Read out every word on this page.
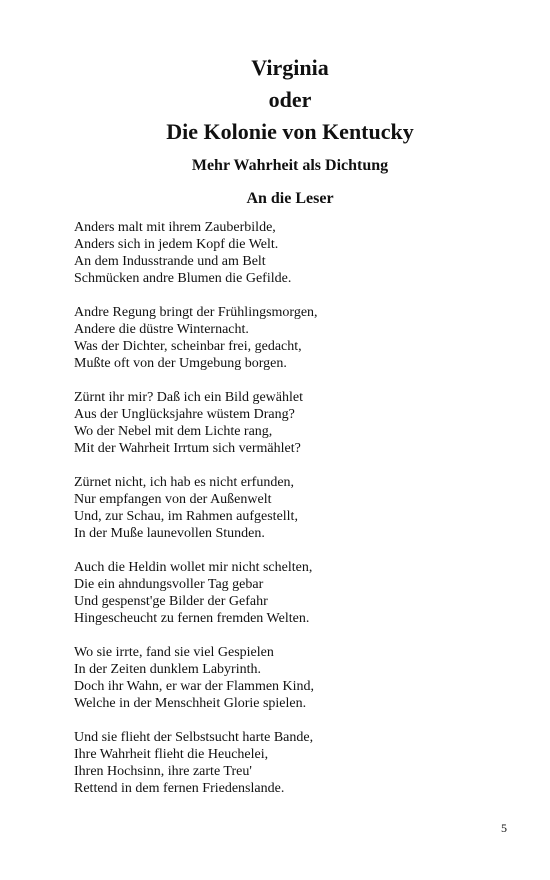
Virginia
oder
Die Kolonie von Kentucky
Mehr Wahrheit als Dichtung
An die Leser
Anders malt mit ihrem Zauberbilde,
Anders sich in jedem Kopf die Welt.
An dem Indusstrande und am Belt
Schmücken andre Blumen die Gefilde.
Andre Regung bringt der Frühlingsmorgen,
Andere die düstre Winternacht.
Was der Dichter, scheinbar frei, gedacht,
Mußte oft von der Umgebung borgen.
Zürnt ihr mir? Daß ich ein Bild gewählet
Aus der Unglücksjahre wüstem Drang?
Wo der Nebel mit dem Lichte rang,
Mit der Wahrheit Irrtum sich vermählet?
Zürnet nicht, ich hab es nicht erfunden,
Nur empfangen von der Außenwelt
Und, zur Schau, im Rahmen aufgestellt,
In der Muße launevollen Stunden.
Auch die Heldin wollet mir nicht schelten,
Die ein ahndungsvoller Tag gebar
Und gespenst'ge Bilder der Gefahr
Hingescheucht zu fernen fremden Welten.
Wo sie irrte, fand sie viel Gespielen
In der Zeiten dunklem Labyrinth.
Doch ihr Wahn, er war der Flammen Kind,
Welche in der Menschheit Glorie spielen.
Und sie flieht der Selbstsucht harte Bande,
Ihre Wahrheit flieht die Heuchelei,
Ihren Hochsinn, ihre zarte Treu'
Rettend in dem fernen Friedenslande.
5
